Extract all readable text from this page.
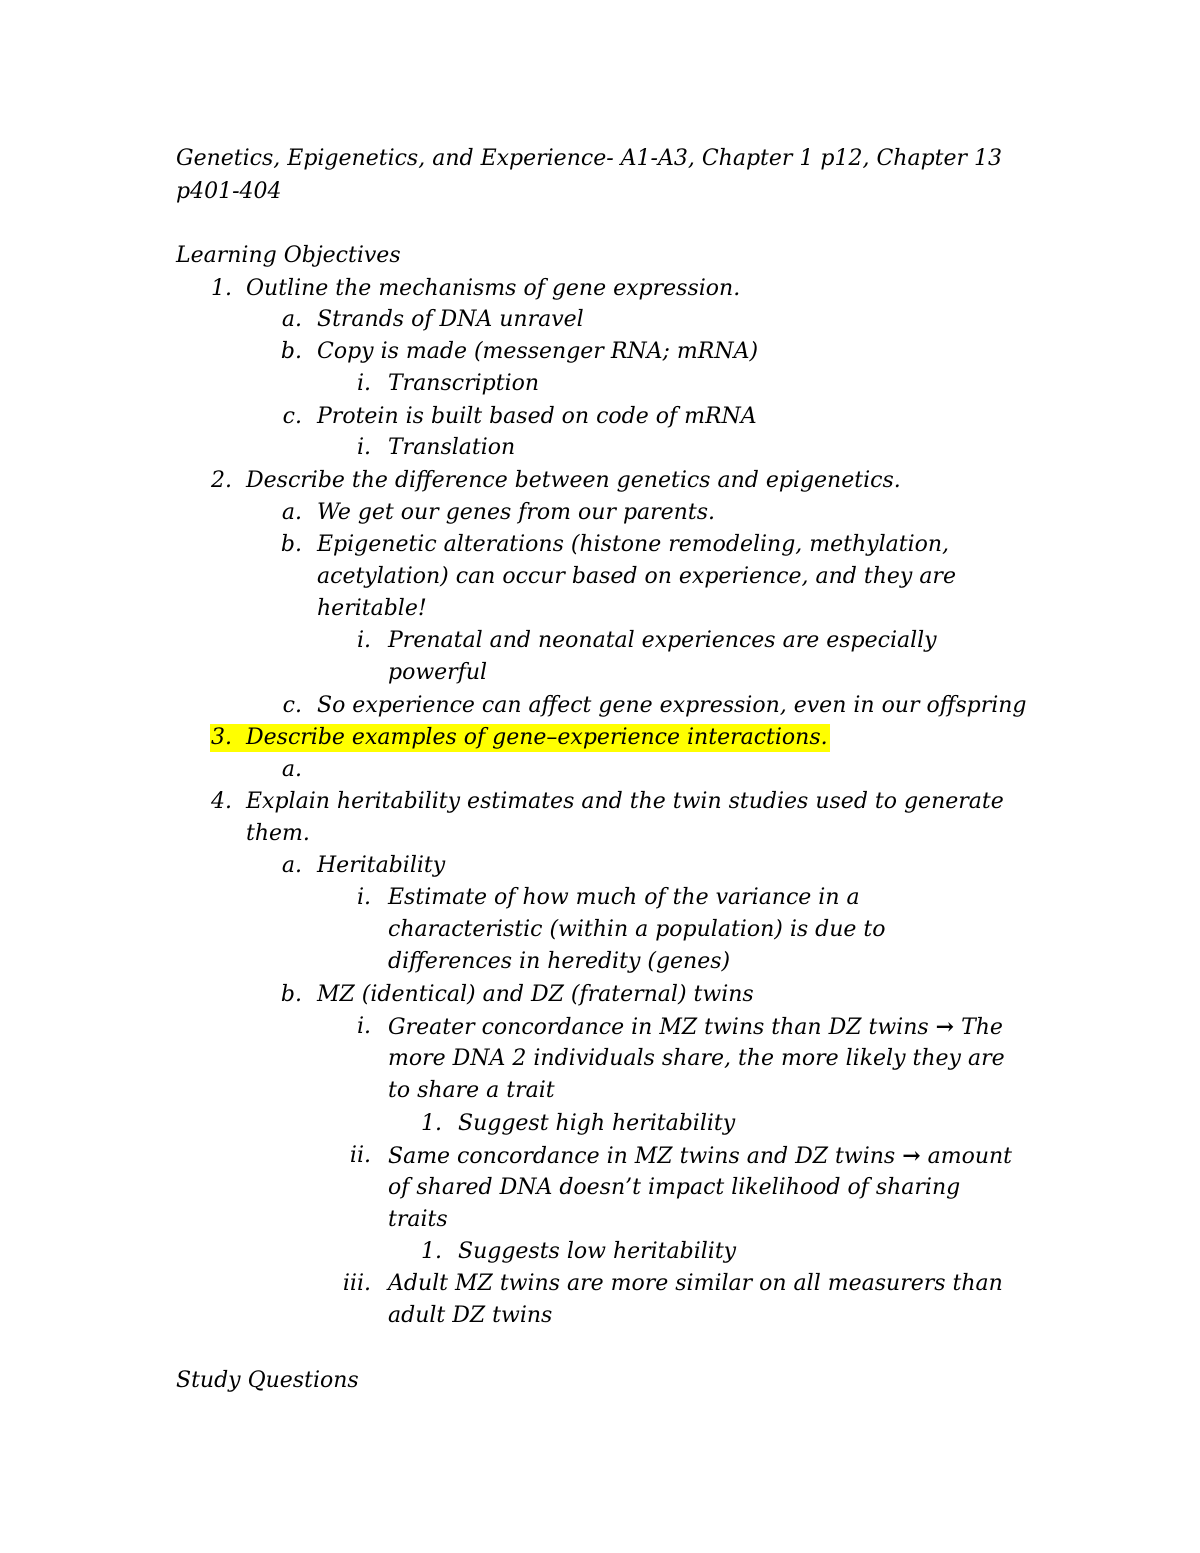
Genetics, Epigenetics, and Experience- A1-A3, Chapter 1 p12, Chapter 13
p401-404
Learning Objectives
1. Outline the mechanisms of gene expression.
a. Strands of DNA unravel
b. Copy is made (messenger RNA; mRNA)
i. Transcription
c. Protein is built based on code of mRNA
i. Translation
2. Describe the difference between genetics and epigenetics.
a. We get our genes from our parents.
b. Epigenetic alterations (histone remodeling, methylation,
acetylation) can occur based on experience, and they are
heritable!
i. Prenatal and neonatal experiences are especially
powerful
c. So experience can affect gene expression, even in our offspring
3. Describe examples of gene–experience interactions.
a.
4. Explain heritability estimates and the twin studies used to generate
them.
a. Heritability
i. Estimate of how much of the variance in a
characteristic (within a population) is due to
differences in heredity (genes)
b. MZ (identical) and DZ (fraternal) twins
i. Greater concordance in MZ twins than DZ twins → The
more DNA 2 individuals share, the more likely they are
to share a trait
1. Suggest high heritability
ii. Same concordance in MZ twins and DZ twins → amount
of shared DNA doesn’t impact likelihood of sharing
traits
1. Suggests low heritability
iii. Adult MZ twins are more similar on all measurers than
adult DZ twins
Study Questions
